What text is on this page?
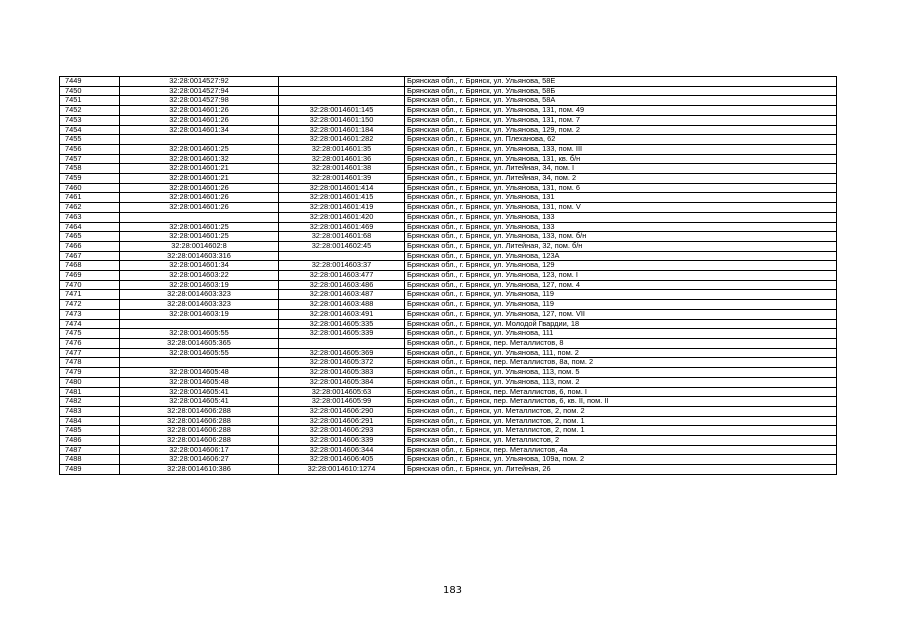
7449	32:28:0014527:92		Брянская обл., г. Брянск, ул. Ульянова, 58Е
7450	32:28:0014527:94		Брянская обл., г. Брянск, ул. Ульянова, 58Б
7451	32:28:0014527:98		Брянская обл., г. Брянск, ул. Ульянова, 58А
7452	32:28:0014601:26	32:28:0014601:145	Брянская обл., г. Брянск, ул. Ульянова, 131, пом. 49
7453	32:28:0014601:26	32:28:0014601:150	Брянская обл., г. Брянск, ул. Ульянова, 131, пом. 7
7454	32:28:0014601:34	32:28:0014601:184	Брянская обл., г. Брянск, ул. Ульянова, 129, пом. 2
7455		32:28:0014601:282	Брянская обл., г. Брянск, ул. Плеханова, 62
7456	32:28:0014601:25	32:28:0014601:35	Брянская обл., г. Брянск, ул. Ульянова, 133, пом. III
7457	32:28:0014601:32	32:28:0014601:36	Брянская обл., г. Брянск, ул. Ульянова, 131, кв. б/н
7458	32:28:0014601:21	32:28:0014601:38	Брянская обл., г. Брянск, ул. Литейная, 34, пом. I
7459	32:28:0014601:21	32:28:0014601:39	Брянская обл., г. Брянск, ул. Литейная, 34, пом. 2
7460	32:28:0014601:26	32:28:0014601:414	Брянская обл., г. Брянск, ул. Ульянова, 131, пом. 6
7461	32:28:0014601:26	32:28:0014601:415	Брянская обл., г. Брянск, ул. Ульянова, 131
7462	32:28:0014601:26	32:28:0014601:419	Брянская обл., г. Брянск, ул. Ульянова, 131, пом. V
7463		32:28:0014601:420	Брянская обл., г. Брянск, ул. Ульянова, 133
7464	32:28:0014601:25	32:28:0014601:469	Брянская обл., г. Брянск, ул. Ульянова, 133
7465	32:28:0014601:25	32:28:0014601:68	Брянская обл., г. Брянск, ул. Ульянова, 133, пом. б/н
7466	32:28:0014602:8	32:28:0014602:45	Брянская обл., г. Брянск, ул. Литейная, 32, пом. б/н
7467	32:28:0014603:316		Брянская обл., г. Брянск, ул. Ульянова, 123А
7468	32:28:0014601:34	32:28:0014603:37	Брянская обл., г. Брянск, ул. Ульянова, 129
7469	32:28:0014603:22	32:28:0014603:477	Брянская обл., г. Брянск, ул. Ульянова, 123, пом. I
7470	32:28:0014603:19	32:28:0014603:486	Брянская обл., г. Брянск, ул. Ульянова, 127, пом. 4
7471	32:28:0014603:323	32:28:0014603:487	Брянская обл., г. Брянск, ул. Ульянова, 119
7472	32:28:0014603:323	32:28:0014603:488	Брянская обл., г. Брянск, ул. Ульянова, 119
7473	32:28:0014603:19	32:28:0014603:491	Брянская обл., г. Брянск, ул. Ульянова, 127, пом. VII
7474		32:28:0014605:335	Брянская обл., г. Брянск, ул. Молодой Гвардии, 18
7475	32:28:0014605:55	32:28:0014605:339	Брянская обл., г. Брянск, ул. Ульянова, 111
7476	32:28:0014605:365		Брянская обл., г. Брянск, пер. Металлистов, 8
7477	32:28:0014605:55	32:28:0014605:369	Брянская обл., г. Брянск, ул. Ульянова, 111, пом. 2
7478		32:28:0014605:372	Брянская обл., г. Брянск, пер. Металлистов, 8а, пом. 2
7479	32:28:0014605:48	32:28:0014605:383	Брянская обл., г. Брянск, ул. Ульянова, 113, пом. 5
7480	32:28:0014605:48	32:28:0014605:384	Брянская обл., г. Брянск, ул. Ульянова, 113, пом. 2
7481	32:28:0014605:41	32:28:0014605:63	Брянская обл., г. Брянск, пер. Металлистов, 6, пом. I
7482	32:28:0014605:41	32:28:0014605:99	Брянская обл., г. Брянск, пер. Металлистов, 6, кв. II, пом. II
7483	32:28:0014606:288	32:28:0014606:290	Брянская обл., г. Брянск, ул. Металлистов, 2, пом. 2
7484	32:28:0014606:288	32:28:0014606:291	Брянская обл., г. Брянск, ул. Металлистов, 2, пом. 1
7485	32:28:0014606:288	32:28:0014606:293	Брянская обл., г. Брянск, ул. Металлистов, 2, пом. 1
7486	32:28:0014606:288	32:28:0014606:339	Брянская обл., г. Брянск, ул. Металлистов, 2
7487	32:28:0014606:17	32:28:0014606:344	Брянская обл., г. Брянск, пер. Металлистов, 4а
7488	32:28:0014606:27	32:28:0014606:405	Брянская обл., г. Брянск, ул. Ульянова, 109а, пом. 2
7489	32:28:0014610:386	32:28:0014610:1274	Брянская обл., г. Брянск, ул. Литейная, 26
183
